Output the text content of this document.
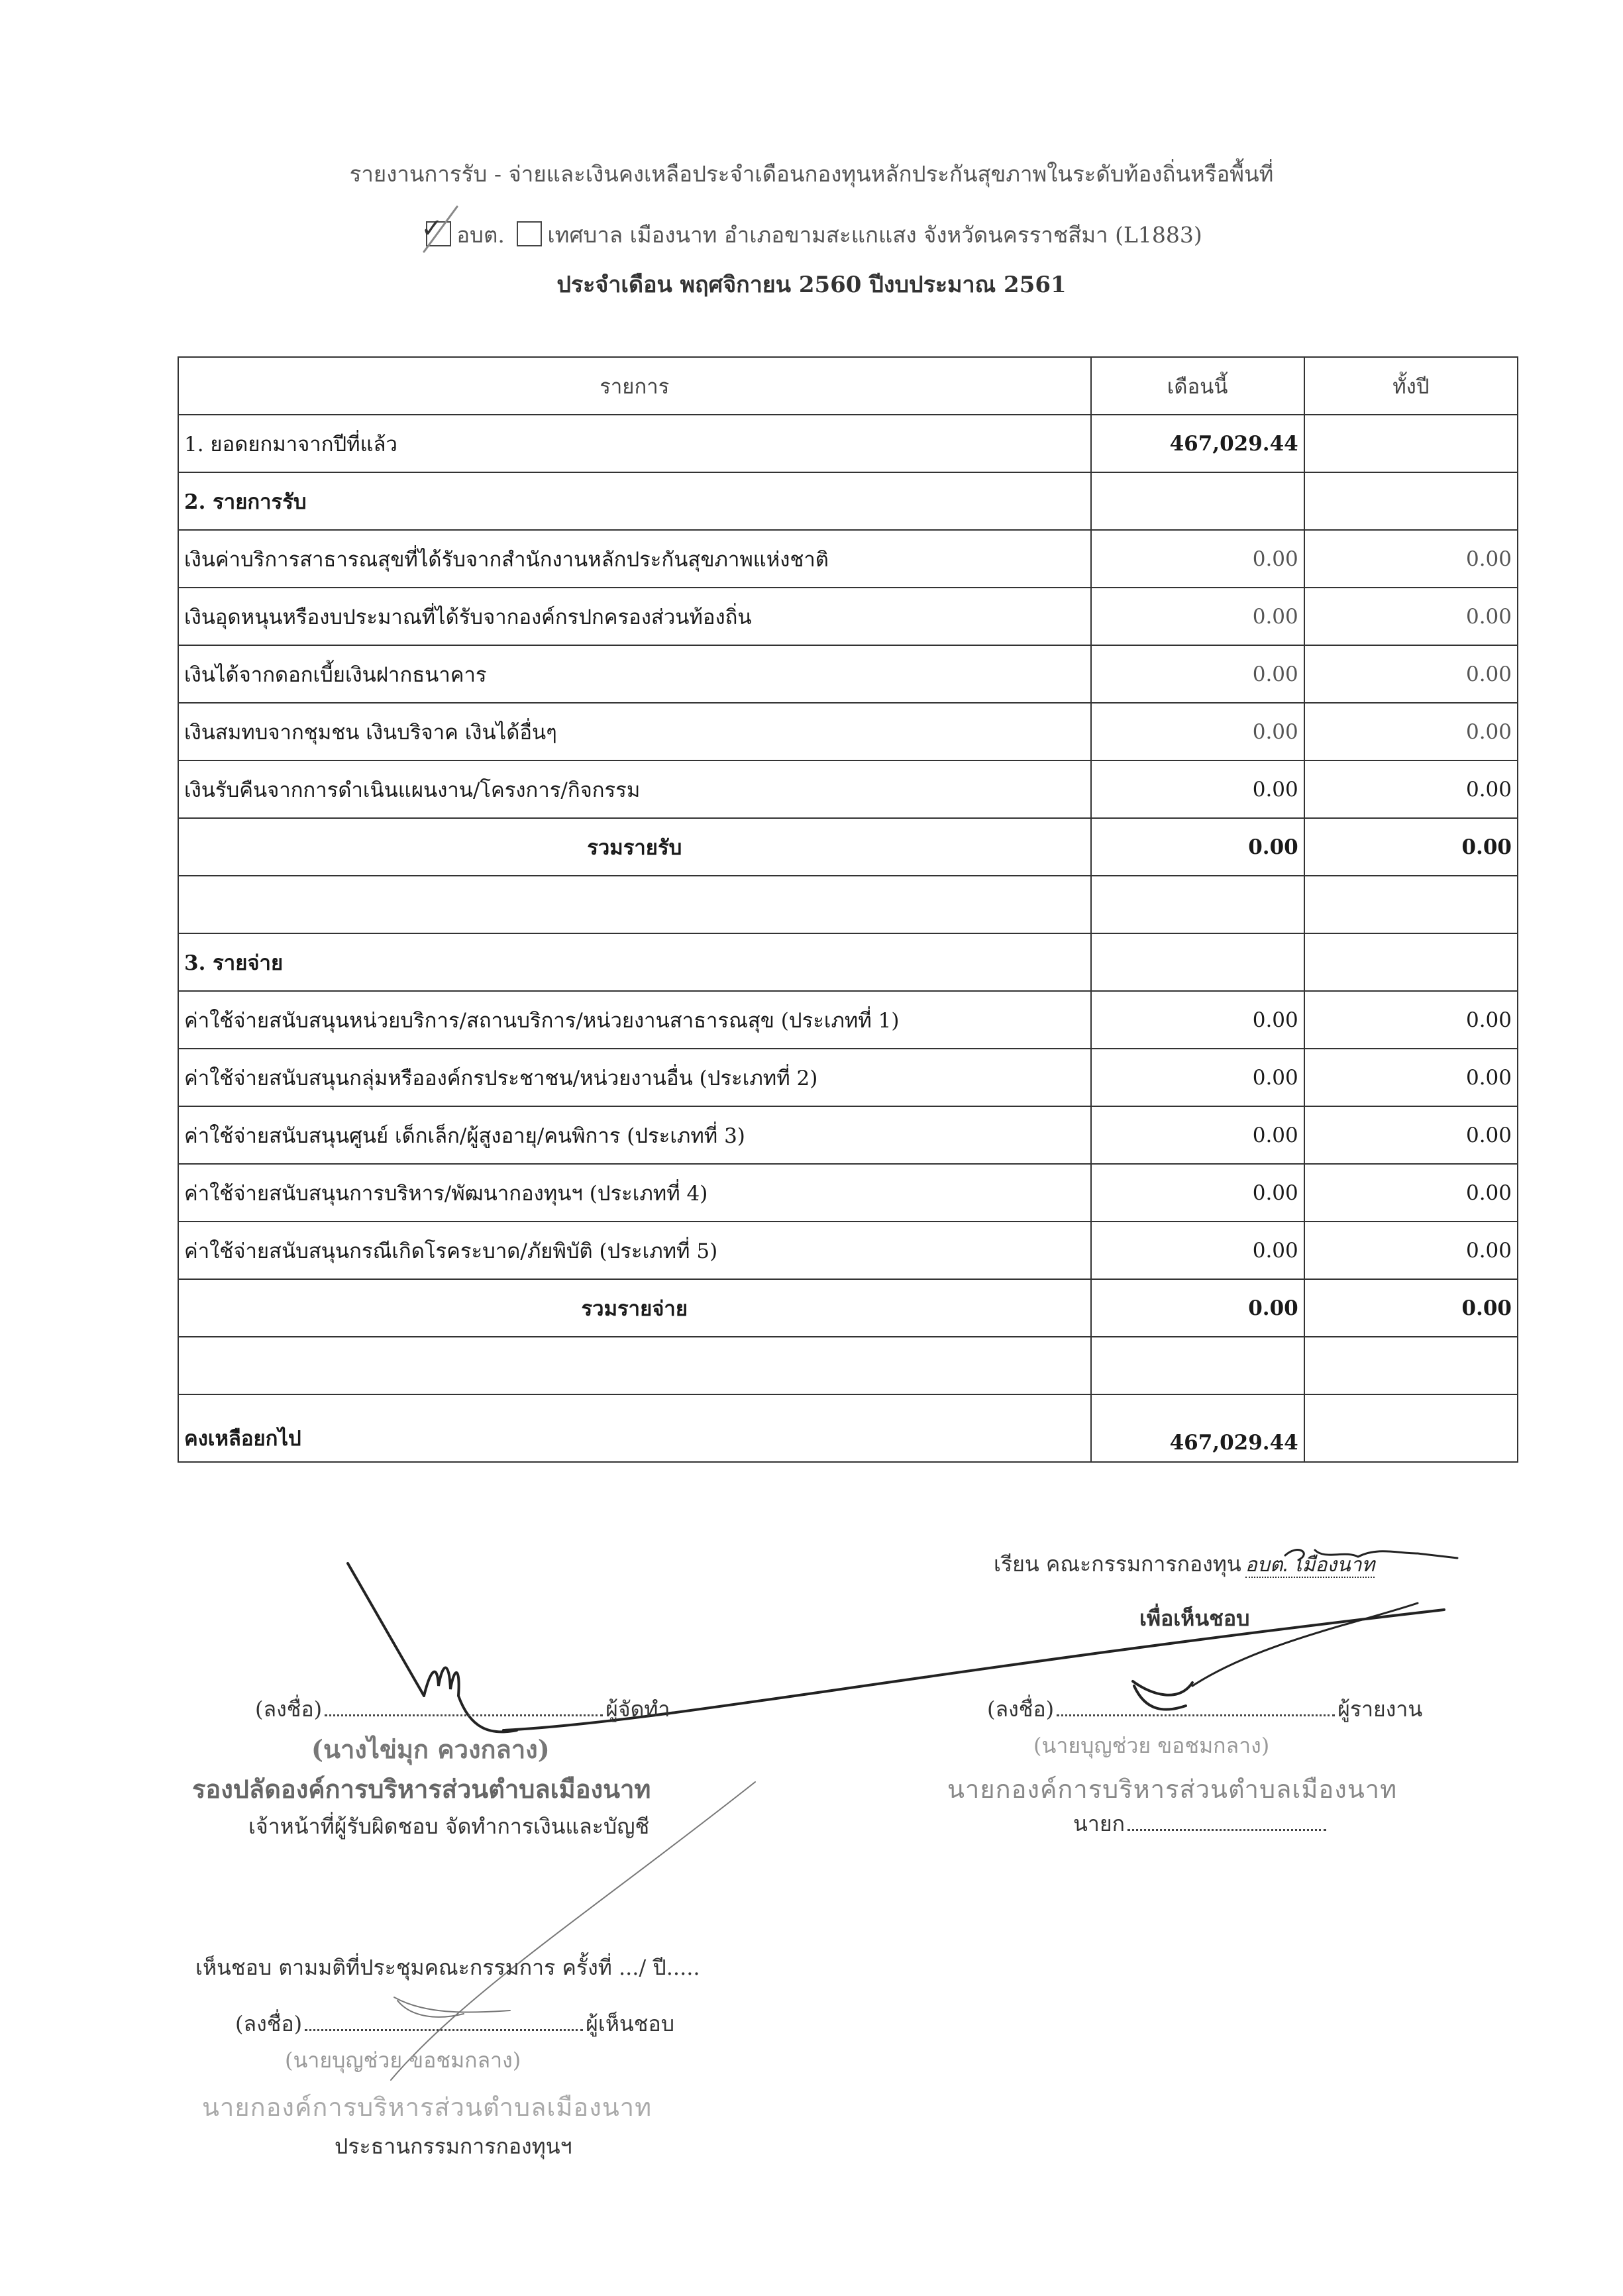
รายงานการรับ - จ่ายและเงินคงเหลือประจำเดือนกองทุนหลักประกันสุขภาพในระดับท้องถิ่นหรือพื้นที่
✓ อบต. เทศบาล เมืองนาท อำเภอขามสะแกแสง จังหวัดนครราชสีมา (L1883)
ประจำเดือน พฤศจิกายน 2560 ปีงบประมาณ 2561
รายการ	เดือนนี้	ทั้งปี
1. ยอดยกมาจากปีที่แล้ว	467,029.44	
2. รายการรับ		
เงินค่าบริการสาธารณสุขที่ได้รับจากสำนักงานหลักประกันสุขภาพแห่งชาติ	0.00	0.00
เงินอุดหนุนหรืองบประมาณที่ได้รับจากองค์กรปกครองส่วนท้องถิ่น	0.00	0.00
เงินได้จากดอกเบี้ยเงินฝากธนาคาร	0.00	0.00
เงินสมทบจากชุมชน เงินบริจาค เงินได้อื่นๆ	0.00	0.00
เงินรับคืนจากการดำเนินแผนงาน/โครงการ/กิจกรรม	0.00	0.00
รวมรายรับ	0.00	0.00

3. รายจ่าย		
ค่าใช้จ่ายสนับสนุนหน่วยบริการ/สถานบริการ/หน่วยงานสาธารณสุข (ประเภทที่ 1)	0.00	0.00
ค่าใช้จ่ายสนับสนุนกลุ่มหรือองค์กรประชาชน/หน่วยงานอื่น (ประเภทที่ 2)	0.00	0.00
ค่าใช้จ่ายสนับสนุนศูนย์ เด็กเล็ก/ผู้สูงอายุ/คนพิการ (ประเภทที่ 3)	0.00	0.00
ค่าใช้จ่ายสนับสนุนการบริหาร/พัฒนากองทุนฯ (ประเภทที่ 4)	0.00	0.00
ค่าใช้จ่ายสนับสนุนกรณีเกิดโรคระบาด/ภัยพิบัติ (ประเภทที่ 5)	0.00	0.00
รวมรายจ่าย	0.00	0.00

คงเหลือยกไป	467,029.44	
เรียน คณะกรรมการกองทุน อบต. เมืองนาท
เพื่อเห็นชอบ
(ลงชื่อ)	ผู้รายงาน
(นายบุญช่วย ขอชมกลาง)
นายกองค์การบริหารส่วนตำบลเมืองนาท
นายก
(ลงชื่อ)	ผู้จัดทำ
(นางไข่มุก ควงกลาง)
รองปลัดองค์การบริหารส่วนตำบลเมืองนาท
เจ้าหน้าที่ผู้รับผิดชอบ จัดทำการเงินและบัญชี
เห็นชอบ ตามมติที่ประชุมคณะกรรมการ ครั้งที่ .../ ปี.....
(ลงชื่อ)	ผู้เห็นชอบ
(นายบุญช่วย ขอชมกลาง)
นายกองค์การบริหารส่วนตำบลเมืองนาท
ประธานกรรมการกองทุนฯ
